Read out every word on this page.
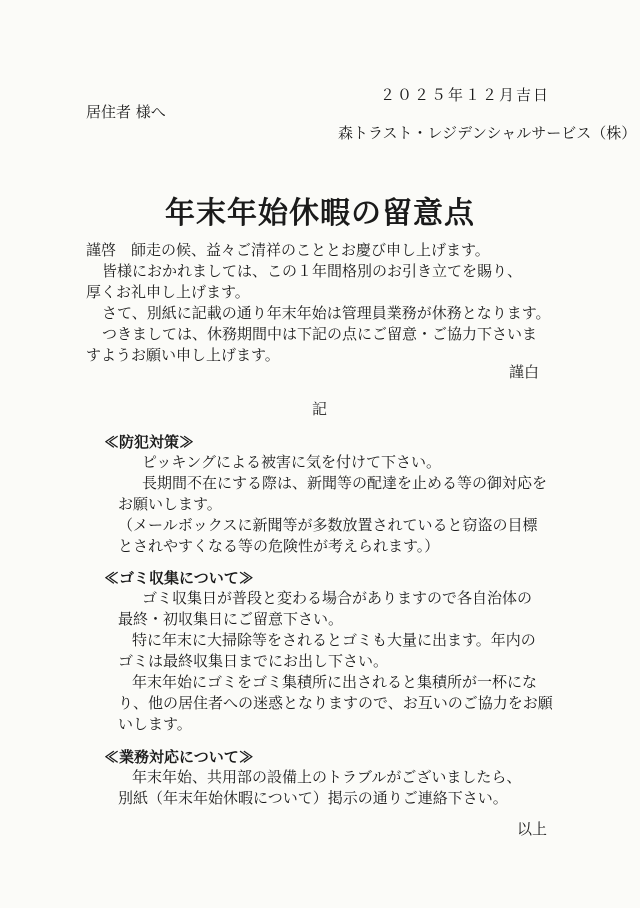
２０２５年１２月吉日
居住者 様へ
森トラスト・レジデンシャルサービス（株）
年末年始休暇の留意点
謹啓　師走の候、益々ご清祥のこととお慶び申し上げます。
皆様におかれましては、この１年間格別のお引き立てを賜り、
厚くお礼申し上げます。
さて、別紙に記載の通り年末年始は管理員業務が休務となります。
つきましては、休務期間中は下記の点にご留意・ご協力下さいま
すようお願い申し上げます。
謹白
記
≪防犯対策≫
ピッキングによる被害に気を付けて下さい。
長期間不在にする際は、新聞等の配達を止める等の御対応を
お願いします。
（メールボックスに新聞等が多数放置されていると窃盗の目標
とされやすくなる等の危険性が考えられます。）
≪ゴミ収集について≫
ゴミ収集日が普段と変わる場合がありますので各自治体の
最終・初収集日にご留意下さい。
特に年末に大掃除等をされるとゴミも大量に出ます。年内の
ゴミは最終収集日までにお出し下さい。
年末年始にゴミをゴミ集積所に出されると集積所が一杯にな
り、他の居住者への迷惑となりますので、お互いのご協力をお願
いします。
≪業務対応について≫
年末年始、共用部の設備上のトラブルがございましたら、
別紙（年末年始休暇について）掲示の通りご連絡下さい。
以上
